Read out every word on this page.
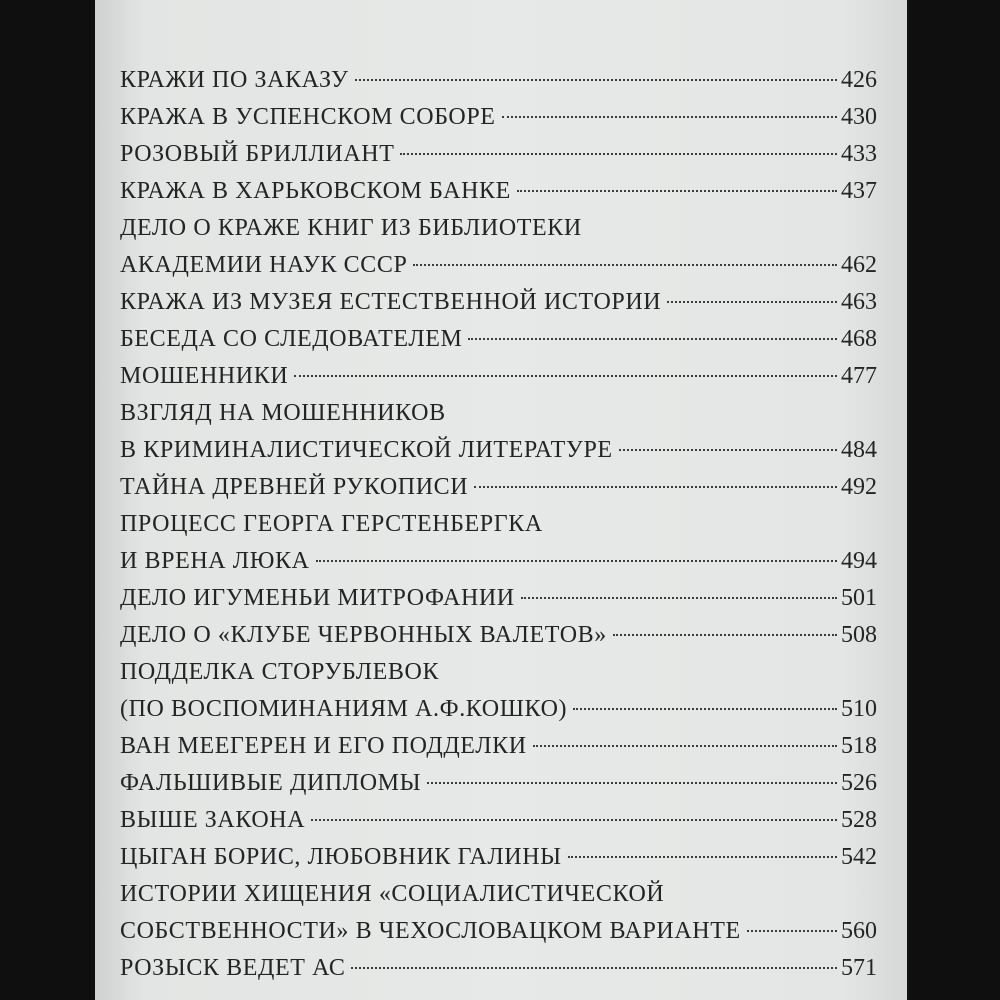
КРАЖИ ПО ЗАКАЗУ	426
КРАЖА В УСПЕНСКОМ СОБОРЕ	430
РОЗОВЫЙ БРИЛЛИАНТ	433
КРАЖА В ХАРЬКОВСКОМ БАНКЕ	437
ДЕЛО О КРАЖЕ КНИГ ИЗ БИБЛИОТЕКИ
АКАДЕМИИ НАУК СССР	462
КРАЖА ИЗ МУЗЕЯ ЕСТЕСТВЕННОЙ ИСТОРИИ	463
БЕСЕДА СО СЛЕДОВАТЕЛЕМ	468
МОШЕННИКИ	477
ВЗГЛЯД НА МОШЕННИКОВ
В КРИМИНАЛИСТИЧЕСКОЙ ЛИТЕРАТУРЕ	484
ТАЙНА ДРЕВНЕЙ РУКОПИСИ	492
ПРОЦЕСС ГЕОРГА ГЕРСТЕНБЕРГКА
И ВРЕНА ЛЮКА	494
ДЕЛО ИГУМЕНЬИ МИТРОФАНИИ	501
ДЕЛО О «КЛУБЕ ЧЕРВОННЫХ ВАЛЕТОВ»	508
ПОДДЕЛКА СТОРУБЛЕВОК
(ПО ВОСПОМИНАНИЯМ А.Ф.КОШКО)	510
ВАН МЕЕГЕРЕН И ЕГО ПОДДЕЛКИ	518
ФАЛЬШИВЫЕ ДИПЛОМЫ	526
ВЫШЕ ЗАКОНА	528
ЦЫГАН БОРИС, ЛЮБОВНИК ГАЛИНЫ	542
ИСТОРИИ ХИЩЕНИЯ «СОЦИАЛИСТИЧЕСКОЙ
СОБСТВЕННОСТИ» В ЧЕХОСЛОВАЦКОМ ВАРИАНТЕ	560
РОЗЫСК ВЕДЕТ АС	571
